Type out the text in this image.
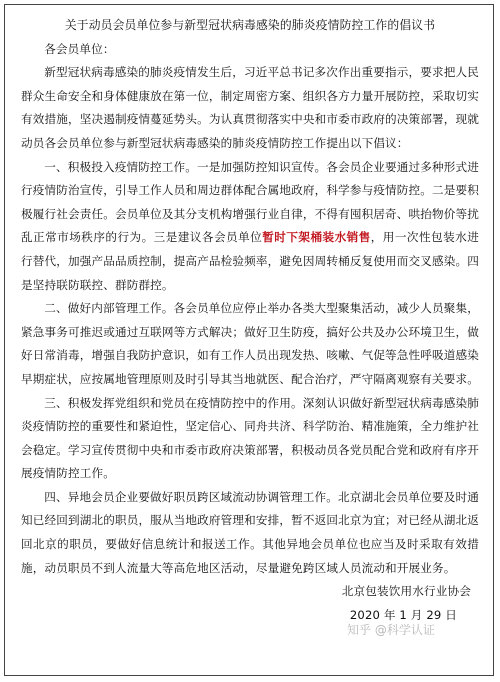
关于动员会员单位参与新型冠状病毒感染的肺炎疫情防控工作的倡议书

各会员单位：

新型冠状病毒感染的肺炎疫情发生后，习近平总书记多次作出重要指示，要求把人民群众生命安全和身体健康放在第一位，制定周密方案、组织各方力量开展防控，采取切实有效措施，坚决遏制疫情蔓延势头。为认真贯彻落实中央和市委市政府的决策部署，现就动员各会员单位参与新型冠状病毒感染的肺炎疫情防控工作提出以下倡议：

一、积极投入疫情防控工作。一是加强防控知识宣传。各会员企业要通过多种形式进行疫情防治宣传，引导工作人员和周边群体配合属地政府，科学参与疫情防控。二是要积极履行社会责任。会员单位及其分支机构增强行业自律，不得有囤积居奇、哄抬物价等扰乱正常市场秩序的行为。三是建议各会员单位暂时下架桶装水销售，用一次性包装水进行替代，加强产品品质控制，提高产品检验频率，避免因周转桶反复使用而交叉感染。四是坚持联防联控、群防群控。

二、做好内部管理工作。各会员单位应停止举办各类大型聚集活动，减少人员聚集，紧急事务可推迟或通过互联网等方式解决；做好卫生防疫，搞好公共及办公环境卫生，做好日常消毒，增强自我防护意识，如有工作人员出现发热、咳嗽、气促等急性呼吸道感染早期症状，应按属地管理原则及时引导其当地就医、配合治疗，严守隔离观察有关要求。

三、积极发挥党组织和党员在疫情防控中的作用。深刻认识做好新型冠状病毒感染肺炎疫情防控的重要性和紧迫性，坚定信心、同舟共济、科学防治、精准施策，全力维护社会稳定。学习宣传贯彻中央和市委市政府决策部署，积极动员各党员配合党和政府有序开展疫情防控工作。

四、异地会员企业要做好职员跨区域流动协调管理工作。北京湖北会员单位要及时通知已经回到湖北的职员，服从当地政府管理和安排，暂不返回北京为宜；对已经从湖北返回北京的职员，要做好信息统计和报送工作。其他异地会员单位也应当及时采取有效措施，动员职员不到人流量大等高危地区活动，尽量避免跨区域人员流动和开展业务。

北京包装饮用水行业协会

2020 年 1 月 29 日

知乎 @科学认证
